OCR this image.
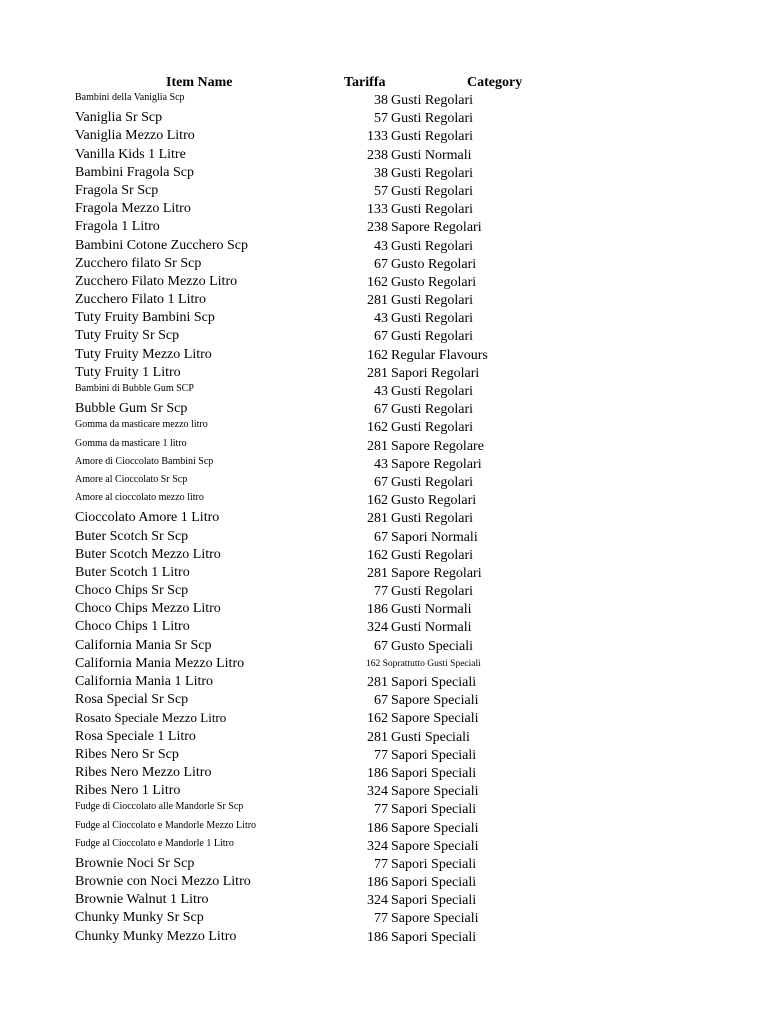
Item Name	Tariffa	Category
Bambini della Vaniglia Scp	38 Gusti Regolari
Vaniglia Sr Scp	57 Gusti Regolari
Vaniglia Mezzo Litro	133 Gusti Regolari
Vanilla Kids 1 Litre	238 Gusti Normali
Bambini Fragola Scp	38 Gusti Regolari
Fragola Sr Scp	57 Gusti Regolari
Fragola Mezzo Litro	133 Gusti Regolari
Fragola 1 Litro	238 Sapore Regolari
Bambini Cotone Zucchero Scp	43 Gusti Regolari
Zucchero filato Sr Scp	67 Gusto Regolari
Zucchero Filato Mezzo Litro	162 Gusto Regolari
Zucchero Filato 1 Litro	281 Gusti Regolari
Tuty Fruity Bambini Scp	43 Gusti Regolari
Tuty Fruity Sr Scp	67 Gusti Regolari
Tuty Fruity Mezzo Litro	162 Regular Flavours
Tuty Fruity 1 Litro	281 Sapori Regolari
Bambini di Bubble Gum SCP	43 Gusti Regolari
Bubble Gum Sr Scp	67 Gusti Regolari
Gomma da masticare mezzo litro	162 Gusti Regolari
Gomma da masticare 1 litro	281 Sapore Regolare
Amore di Cioccolato Bambini Scp	43 Sapore Regolari
Amore al Cioccolato Sr Scp	67 Gusti Regolari
Amore al cioccolato mezzo litro	162 Gusto Regolari
Cioccolato Amore 1 Litro	281 Gusti Regolari
Buter Scotch Sr Scp	67 Sapori Normali
Buter Scotch Mezzo Litro	162 Gusti Regolari
Buter Scotch 1 Litro	281 Sapore Regolari
Choco Chips Sr Scp	77 Gusti Regolari
Choco Chips Mezzo Litro	186 Gusti Normali
Choco Chips 1 Litro	324 Gusti Normali
California Mania Sr Scp	67 Gusto Speciali
California Mania Mezzo Litro	162 Soprattutto Gusti Speciali
California Mania 1 Litro	281 Sapori Speciali
Rosa Special Sr Scp	67 Sapore Speciali
Rosato Speciale Mezzo Litro	162 Sapore Speciali
Rosa Speciale 1 Litro	281 Gusti Speciali
Ribes Nero Sr Scp	77 Sapori Speciali
Ribes Nero Mezzo Litro	186 Sapori Speciali
Ribes Nero 1 Litro	324 Sapore Speciali
Fudge di Cioccolato alle Mandorle Sr Scp	77 Sapori Speciali
Fudge al Cioccolato e Mandorle Mezzo Litro	186 Sapore Speciali
Fudge al Cioccolato e Mandorle 1 Litro	324 Sapore Speciali
Brownie Noci Sr Scp	77 Sapori Speciali
Brownie con Noci Mezzo Litro	186 Sapori Speciali
Brownie Walnut 1 Litro	324 Sapori Speciali
Chunky Munky Sr Scp	77 Sapore Speciali
Chunky Munky Mezzo Litro	186 Sapori Speciali
